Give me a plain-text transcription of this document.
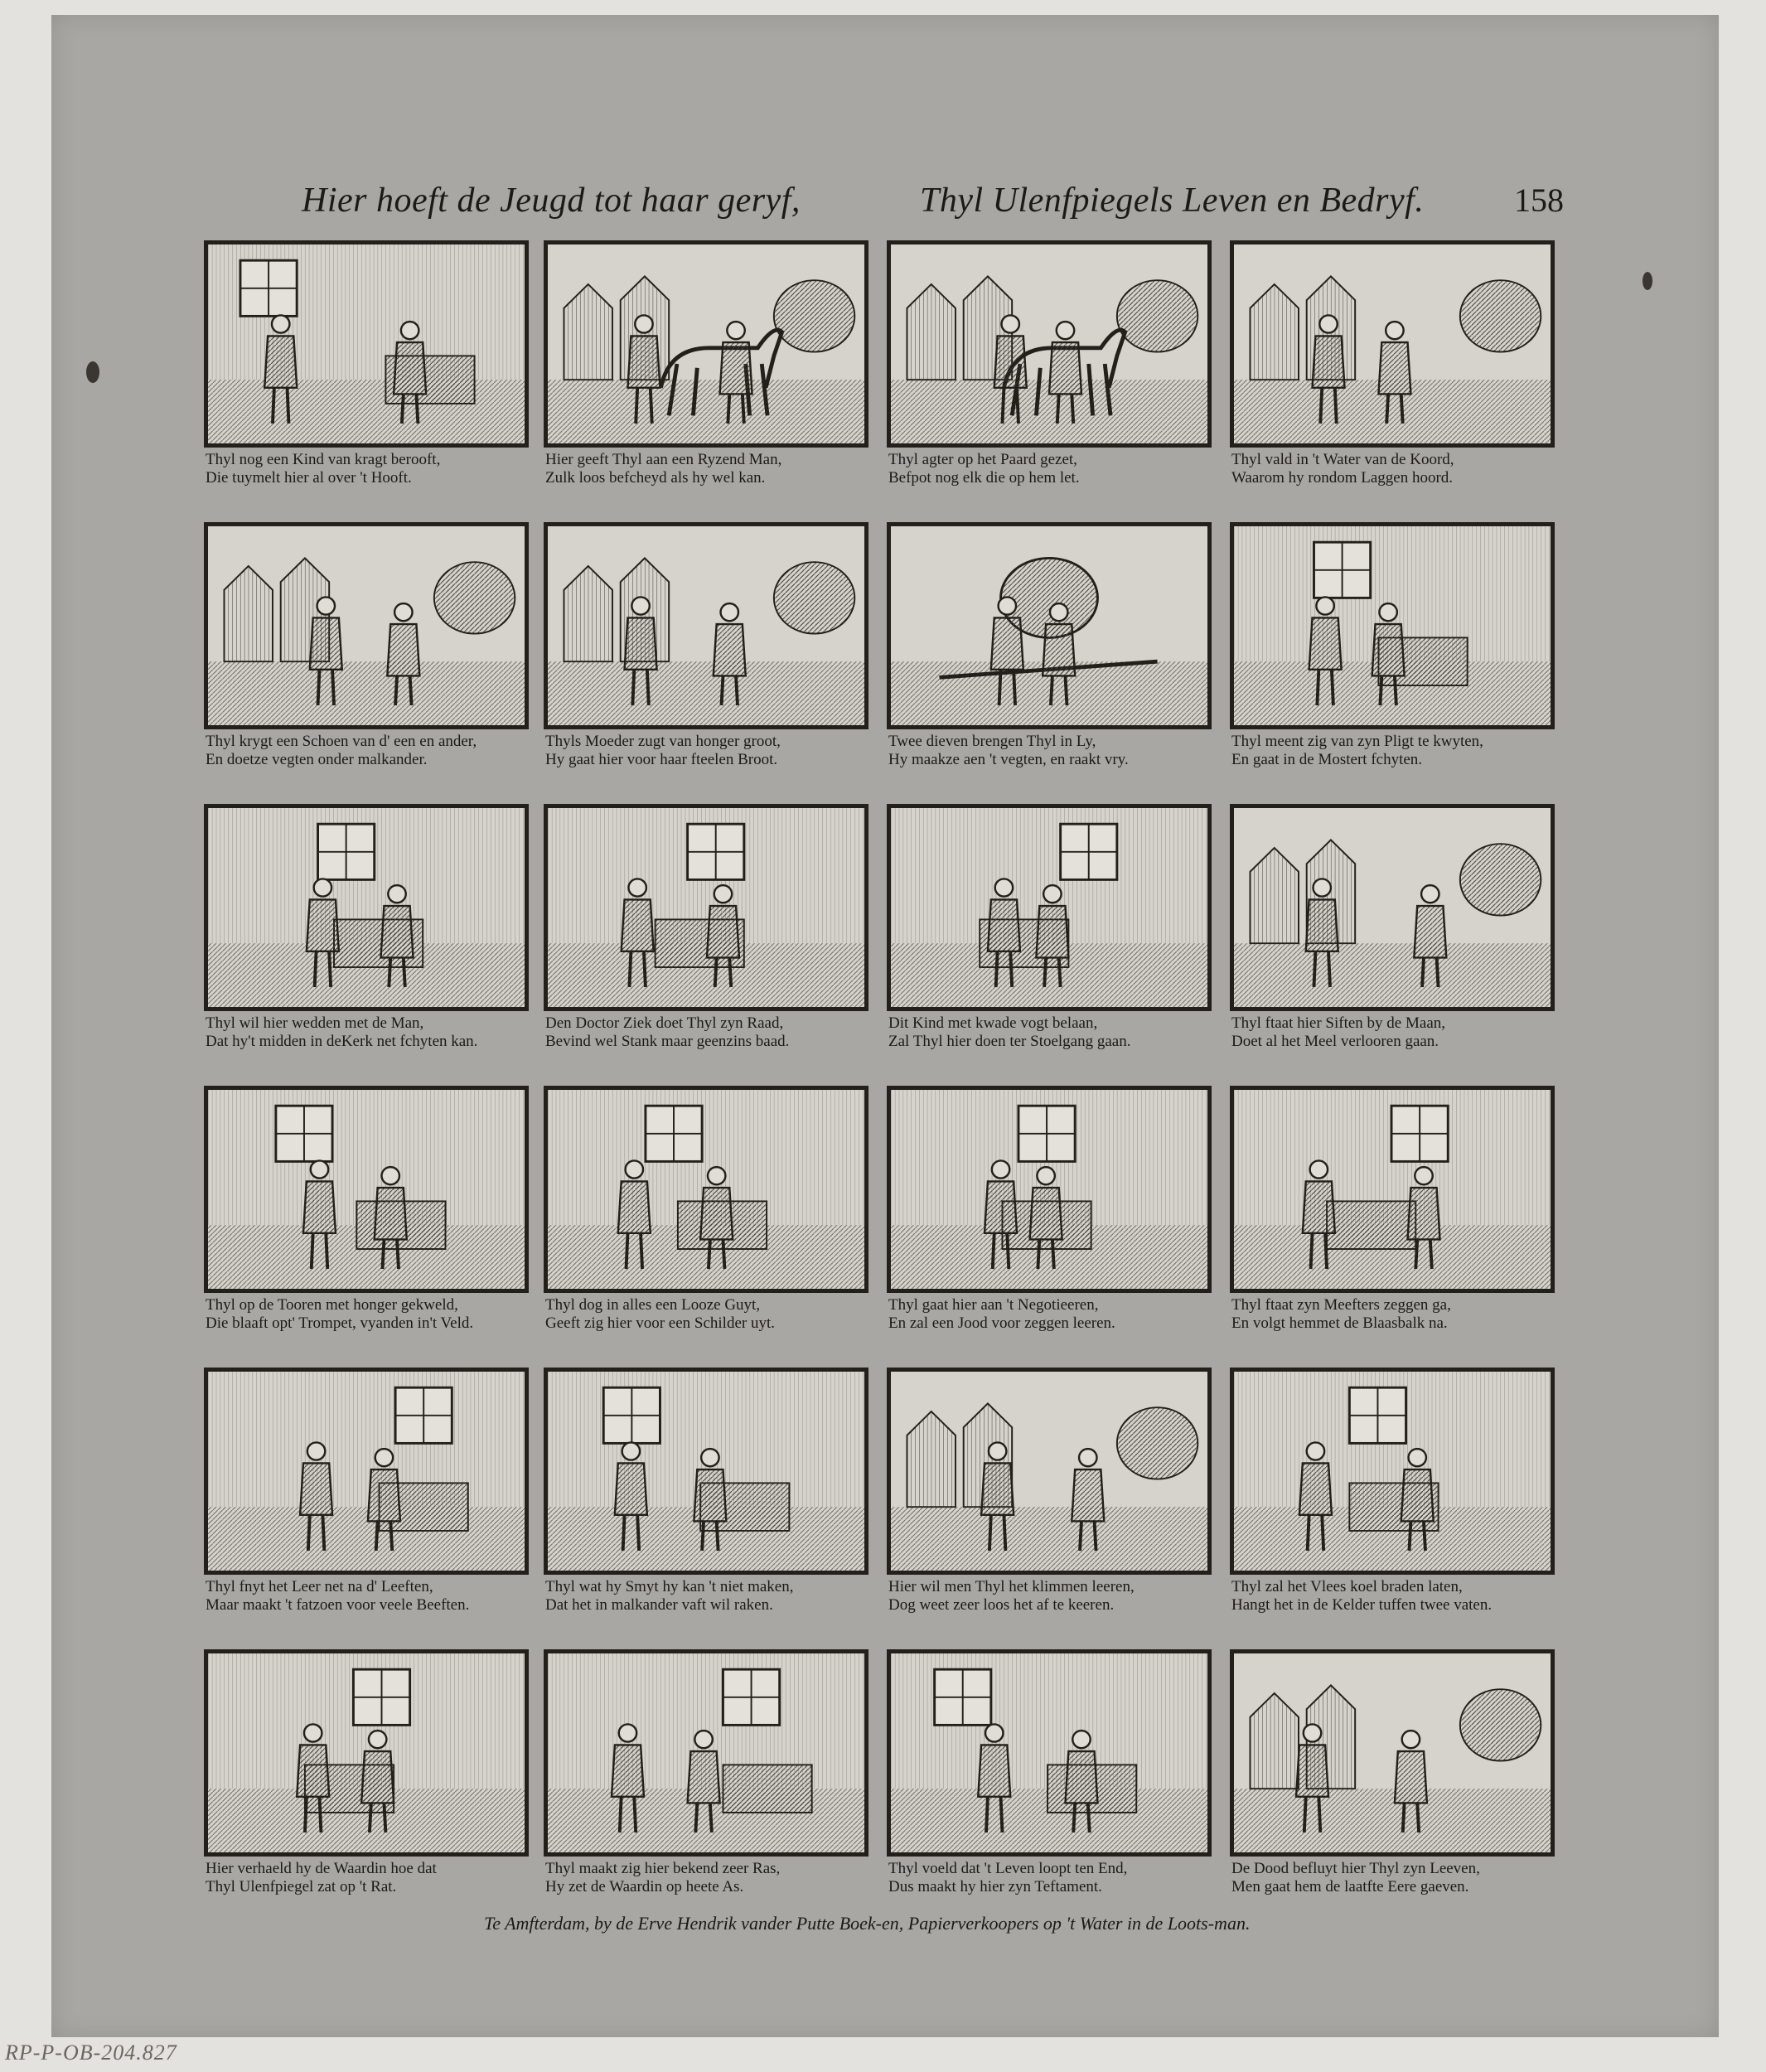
Hier hoeft de Jeugd tot haar geryf,	Thyl Ulenfpiegels Leven en Bedryf.	158
Thyl nog een Kind van kragt berooft,
Die tuymelt hier al over 't Hooft.
Hier geeft Thyl aan een Ryzend Man,
Zulk loos befcheyd als hy wel kan.
Thyl agter op het Paard gezet,
Befpot nog elk die op hem let.
Thyl vald in 't Water van de Koord,
Waarom hy rondom Laggen hoord.
Thyl krygt een Schoen van d' een en ander,
En doetze vegten onder malkander.
Thyls Moeder zugt van honger groot,
Hy gaat hier voor haar fteelen Broot.
Twee dieven brengen Thyl in Ly,
Hy maakze aen 't vegten, en raakt vry.
Thyl meent zig van zyn Pligt te kwyten,
En gaat in de Mostert fchyten.
Thyl wil hier wedden met de Man,
Dat hy't midden in deKerk net fchyten kan.
Den Doctor Ziek doet Thyl zyn Raad,
Bevind wel Stank maar geenzins baad.
Dit Kind met kwade vogt belaan,
Zal Thyl hier doen ter Stoelgang gaan.
Thyl ftaat hier Siften by de Maan,
Doet al het Meel verlooren gaan.
Thyl op de Tooren met honger gekweld,
Die blaaft opt' Trompet, vyanden in't Veld.
Thyl dog in alles een Looze Guyt,
Geeft zig hier voor een Schilder uyt.
Thyl gaat hier aan 't Negotieeren,
En zal een Jood voor zeggen leeren.
Thyl ftaat zyn Meefters zeggen ga,
En volgt hemmet de Blaasbalk na.
Thyl fnyt het Leer net na d' Leeften,
Maar maakt 't fatzoen voor veele Beeften.
Thyl wat hy Smyt hy kan 't niet maken,
Dat het in malkander vaft wil raken.
Hier wil men Thyl het klimmen leeren,
Dog weet zeer loos het af te keeren.
Thyl zal het Vlees koel braden laten,
Hangt het in de Kelder tuffen twee vaten.
Hier verhaeld hy de Waardin hoe dat
Thyl Ulenfpiegel zat op 't Rat.
Thyl maakt zig hier bekend zeer Ras,
Hy zet de Waardin op heete As.
Thyl voeld dat 't Leven loopt ten End,
Dus maakt hy hier zyn Teftament.
De Dood befluyt hier Thyl zyn Leeven,
Men gaat hem de laatfte Eere gaeven.
Te Amfterdam, by de Erve Hendrik vander Putte Boek-en, Papierverkoopers op 't Water in de Loots-man.
RP-P-OB-204.827
